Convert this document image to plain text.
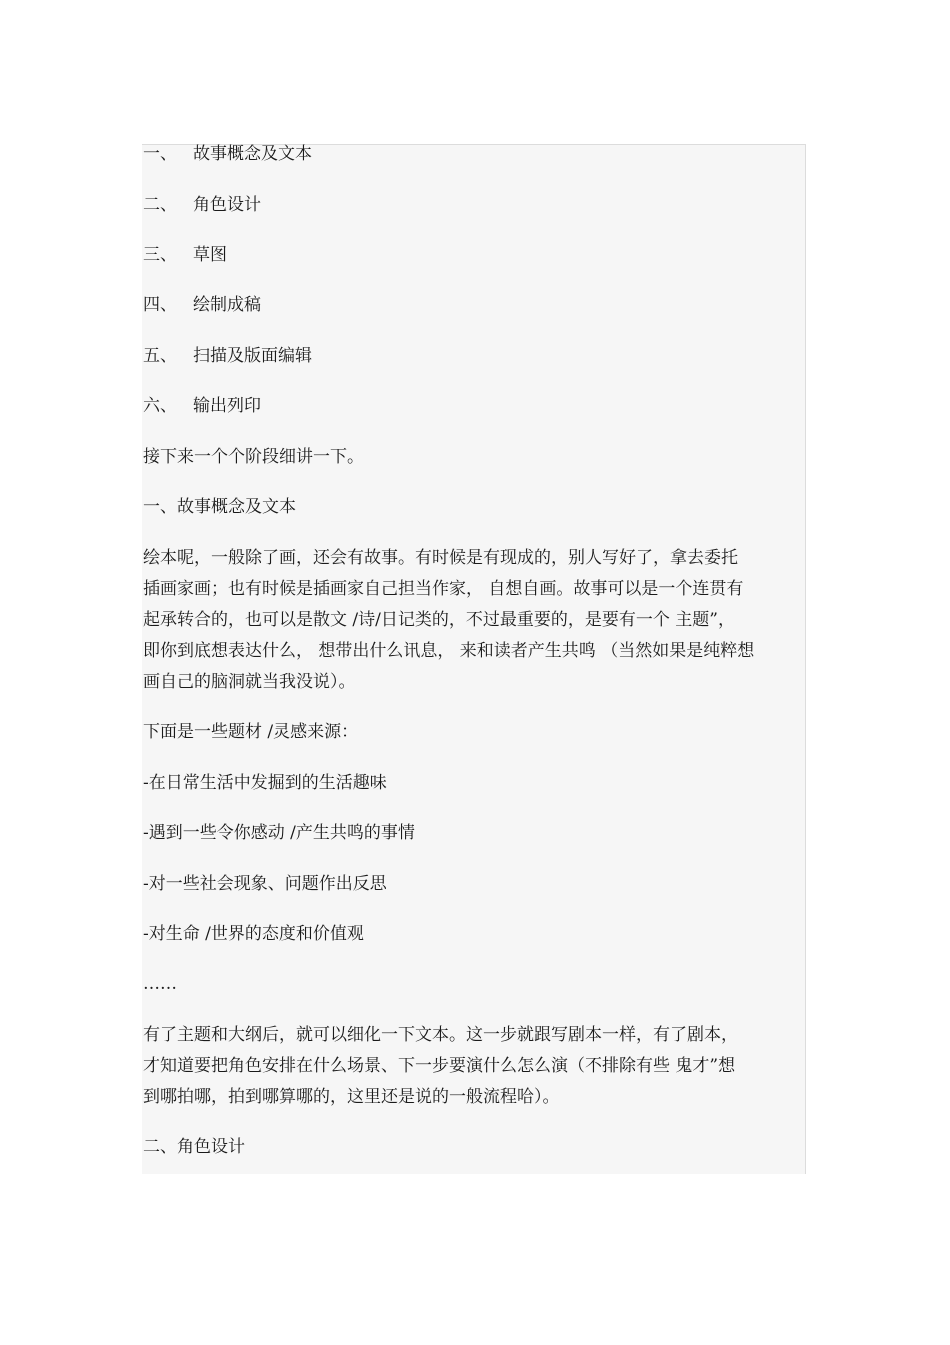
一、 故事概念及文本
二、 角色设计
三、 草图
四、 绘制成稿
五、 扫描及版面编辑
六、 输出列印
接下来一个个阶段细讲一下。
一、故事概念及文本
绘本呢，一般除了画，还会有故事。有时候是有现成的，别人写好了，拿去委托
插画家画；也有时候是插画家自己担当作家， 自想自画。故事可以是一个连贯有
起承转合的，也可以是散文 /诗/日记类的，不过最重要的，是要有一个 主题”，
即你到底想表达什么， 想带出什么讯息， 来和读者产生共鸣 （当然如果是纯粹想
画自己的脑洞就当我没说）。
下面是一些题材 /灵感来源：
-在日常生活中发掘到的生活趣味
-遇到一些令你感动 /产生共鸣的事情
-对一些社会现象、问题作出反思
-对生命 /世界的态度和价值观
……
有了主题和大纲后，就可以细化一下文本。这一步就跟写剧本一样，有了剧本，
才知道要把角色安排在什么场景、下一步要演什么怎么演（不排除有些 鬼才”想
到哪拍哪，拍到哪算哪的，这里还是说的一般流程哈）。
二、角色设计
